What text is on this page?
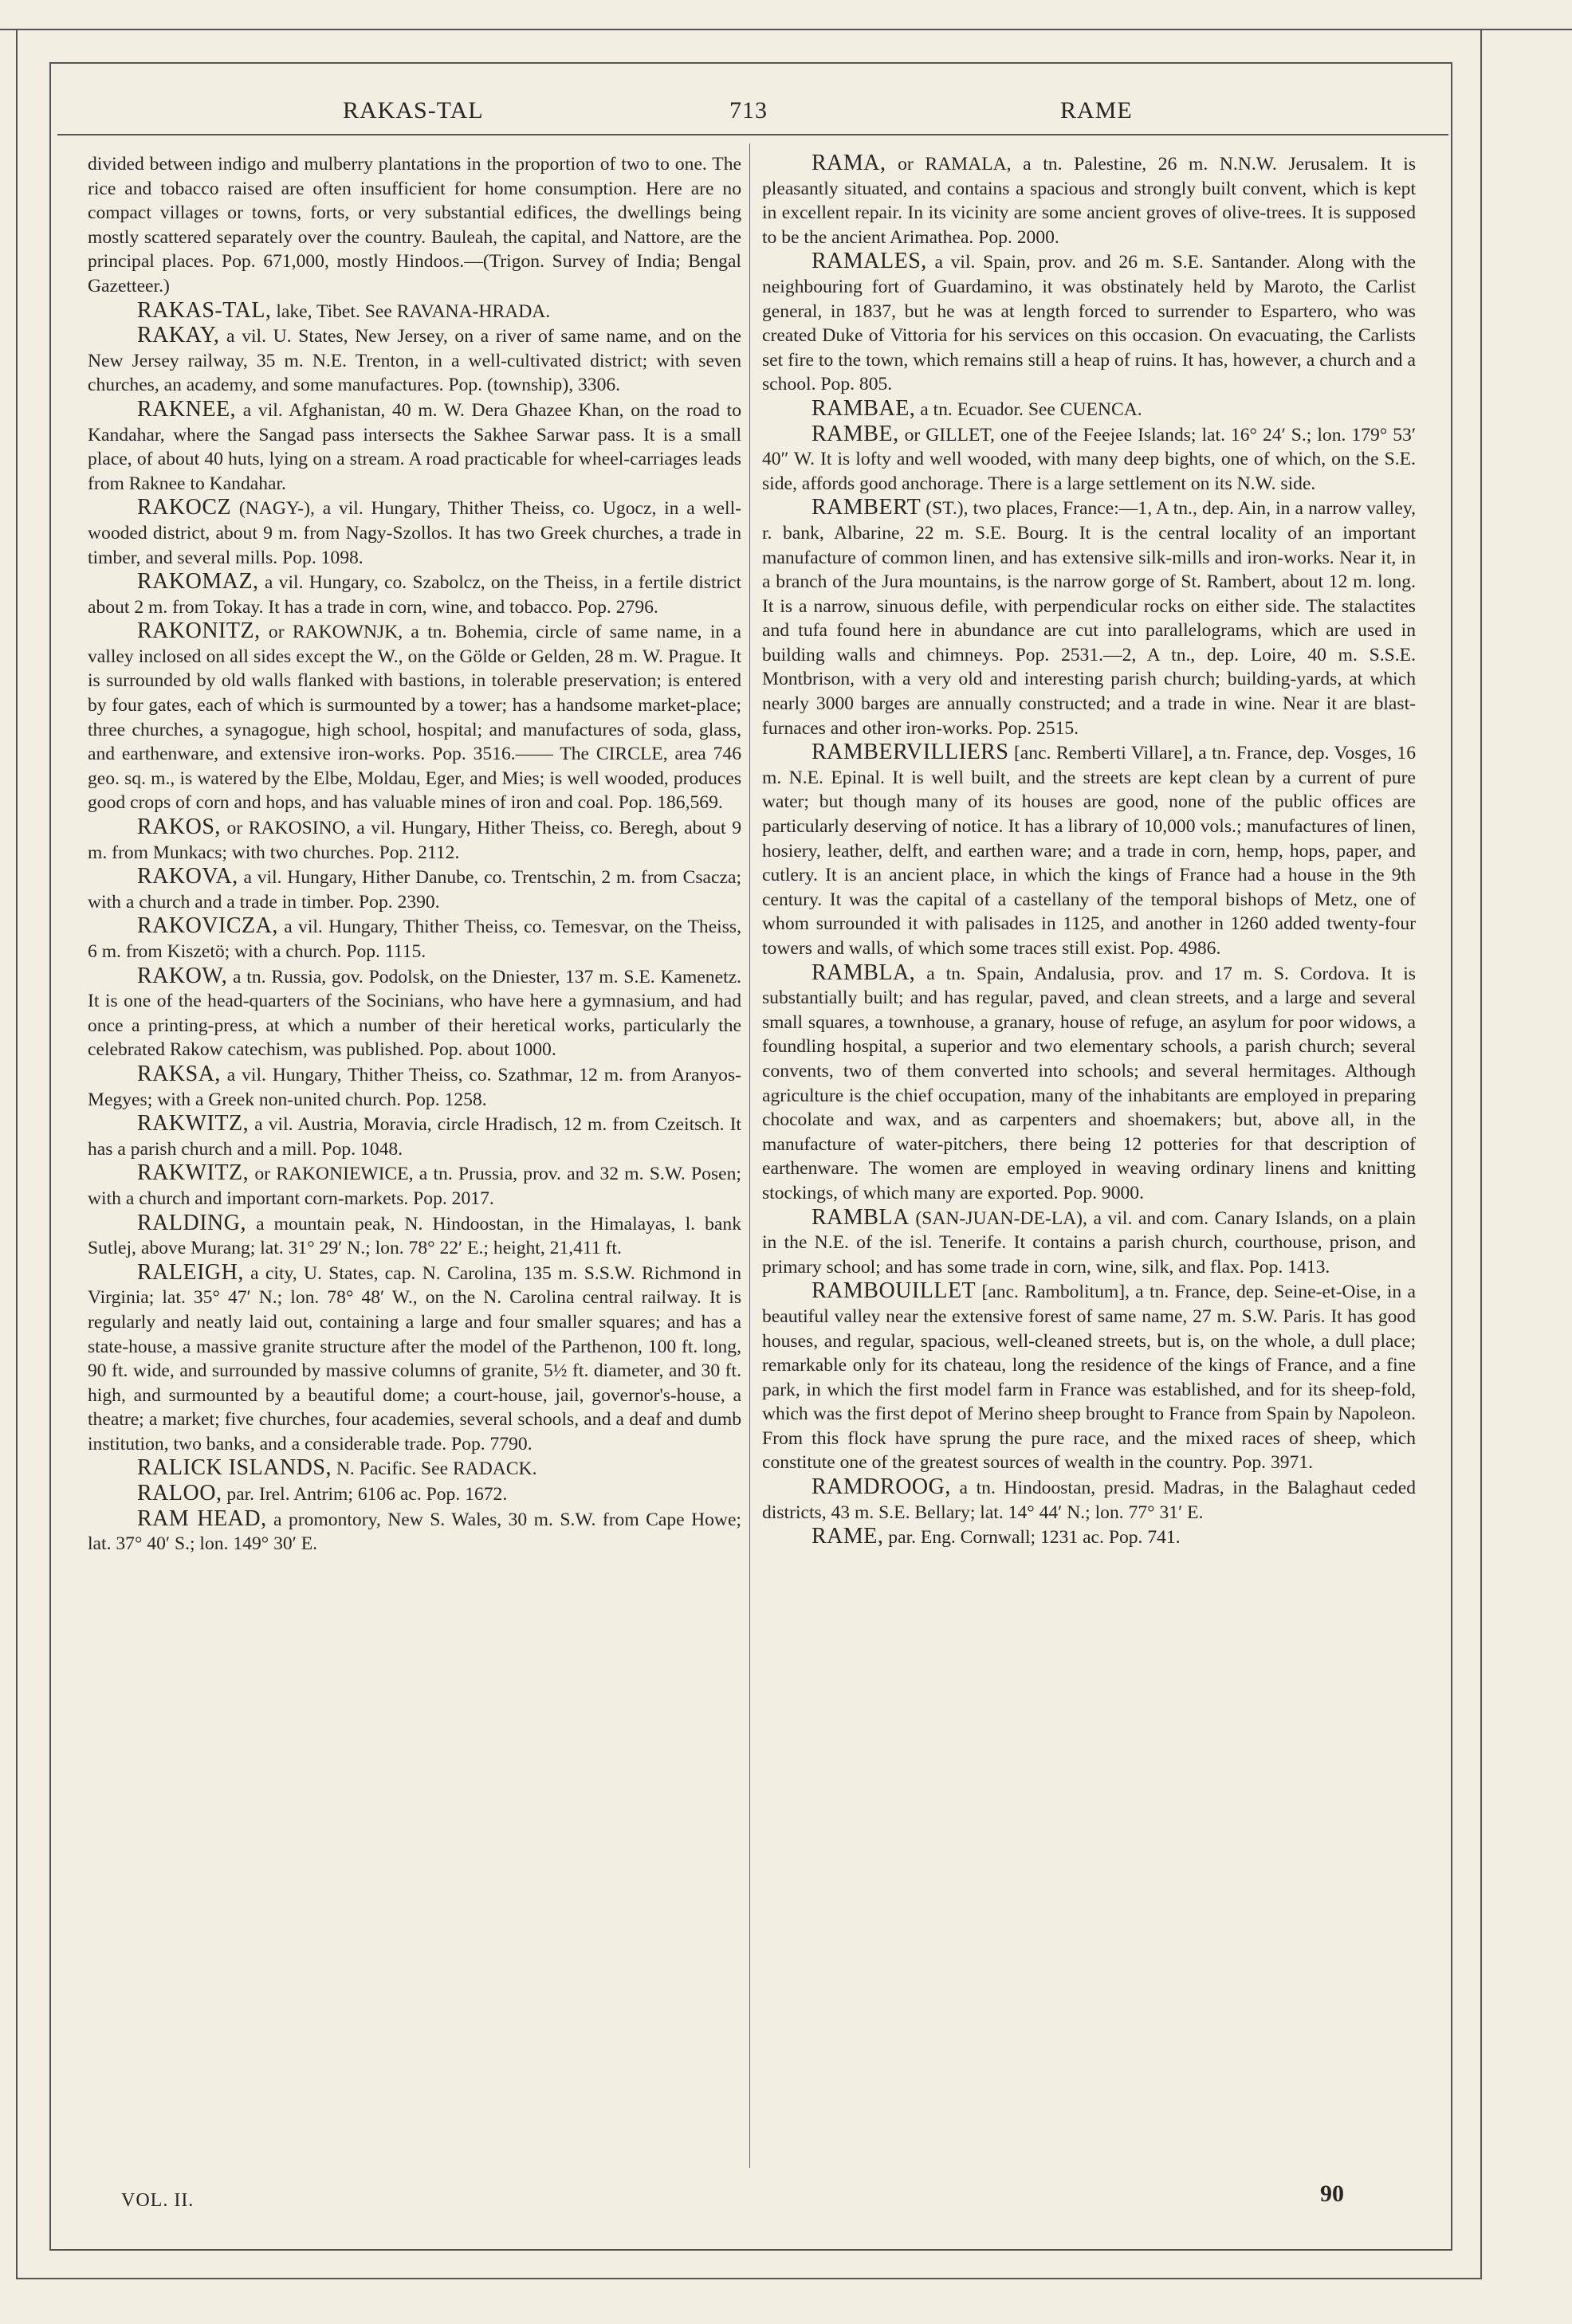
RAKAS-TAL	713	RAME

divided between indigo and mulberry plantations in the proportion of two to one. The rice and tobacco raised are often insufficient for home consumption. Here are no compact villages or towns, forts, or very substantial edifices, the dwellings being mostly scattered separately over the country. Bauleah, the capital, and Nattore, are the principal places. Pop. 671,000, mostly Hindoos.—(Trigon. Survey of India; Bengal Gazetteer.)

RAKAS-TAL, lake, Tibet. See RAVANA-HRADA.

RAKAY, a vil. U. States, New Jersey, on a river of same name, and on the New Jersey railway, 35 m. N.E. Trenton, in a well-cultivated district; with seven churches, an academy, and some manufactures. Pop. (township), 3306.

RAKNEE, a vil. Afghanistan, 40 m. W. Dera Ghazee Khan, on the road to Kandahar, where the Sangad pass intersects the Sakhee Sarwar pass. It is a small place, of about 40 huts, lying on a stream. A road practicable for wheel-carriages leads from Raknee to Kandahar.

RAKOCZ (NAGY-), a vil. Hungary, Thither Theiss, co. Ugocz, in a well-wooded district, about 9 m. from Nagy-Szollos. It has two Greek churches, a trade in timber, and several mills. Pop. 1098.

RAKOMAZ, a vil. Hungary, co. Szabolcz, on the Theiss, in a fertile district about 2 m. from Tokay. It has a trade in corn, wine, and tobacco. Pop. 2796.

RAKONITZ, or RAKOWNJK, a tn. Bohemia, circle of same name, in a valley inclosed on all sides except the W., on the Gölde or Gelden, 28 m. W. Prague. It is surrounded by old walls flanked with bastions, in tolerable preservation; is entered by four gates, each of which is surmounted by a tower; has a handsome market-place; three churches, a synagogue, high school, hospital; and manufactures of soda, glass, and earthenware, and extensive iron-works. Pop. 3516.—— The CIRCLE, area 746 geo. sq. m., is watered by the Elbe, Moldau, Eger, and Mies; is well wooded, produces good crops of corn and hops, and has valuable mines of iron and coal. Pop. 186,569.

RAKOS, or RAKOSINO, a vil. Hungary, Hither Theiss, co. Beregh, about 9 m. from Munkacs; with two churches. Pop. 2112.

RAKOVA, a vil. Hungary, Hither Danube, co. Trentschin, 2 m. from Csacza; with a church and a trade in timber. Pop. 2390.

RAKOVICZA, a vil. Hungary, Thither Theiss, co. Temesvar, on the Theiss, 6 m. from Kiszetö; with a church. Pop. 1115.

RAKOW, a tn. Russia, gov. Podolsk, on the Dniester, 137 m. S.E. Kamenetz. It is one of the head-quarters of the Socinians, who have here a gymnasium, and had once a printing-press, at which a number of their heretical works, particularly the celebrated Rakow catechism, was published. Pop. about 1000.

RAKSA, a vil. Hungary, Thither Theiss, co. Szathmar, 12 m. from Aranyos-Megyes; with a Greek non-united church. Pop. 1258.

RAKWITZ, a vil. Austria, Moravia, circle Hradisch, 12 m. from Czeitsch. It has a parish church and a mill. Pop. 1048.

RAKWITZ, or RAKONIEWICE, a tn. Prussia, prov. and 32 m. S.W. Posen; with a church and important corn-markets. Pop. 2017.

RALDING, a mountain peak, N. Hindoostan, in the Himalayas, l. bank Sutlej, above Murang; lat. 31° 29′ N.; lon. 78° 22′ E.; height, 21,411 ft.

RALEIGH, a city, U. States, cap. N. Carolina, 135 m. S.S.W. Richmond in Virginia; lat. 35° 47′ N.; lon. 78° 48′ W., on the N. Carolina central railway. It is regularly and neatly laid out, containing a large and four smaller squares; and has a state-house, a massive granite structure after the model of the Parthenon, 100 ft. long, 90 ft. wide, and surrounded by massive columns of granite, 5½ ft. diameter, and 30 ft. high, and surmounted by a beautiful dome; a court-house, jail, governor's-house, a theatre; a market; five churches, four academies, several schools, and a deaf and dumb institution, two banks, and a considerable trade. Pop. 7790.

RALICK ISLANDS, N. Pacific. See RADACK.

RALOO, par. Irel. Antrim; 6106 ac. Pop. 1672.

RAM HEAD, a promontory, New S. Wales, 30 m. S.W. from Cape Howe; lat. 37° 40′ S.; lon. 149° 30′ E.

RAMA, or RAMALA, a tn. Palestine, 26 m. N.N.W. Jerusalem. It is pleasantly situated, and contains a spacious and strongly built convent, which is kept in excellent repair. In its vicinity are some ancient groves of olive-trees. It is supposed to be the ancient Arimathea. Pop. 2000.

RAMALES, a vil. Spain, prov. and 26 m. S.E. Santander. Along with the neighbouring fort of Guardamino, it was obstinately held by Maroto, the Carlist general, in 1837, but he was at length forced to surrender to Espartero, who was created Duke of Vittoria for his services on this occasion. On evacuating, the Carlists set fire to the town, which remains still a heap of ruins. It has, however, a church and a school. Pop. 805.

RAMBAE, a tn. Ecuador. See CUENCA.

RAMBE, or GILLET, one of the Feejee Islands; lat. 16° 24′ S.; lon. 179° 53′ 40″ W. It is lofty and well wooded, with many deep bights, one of which, on the S.E. side, affords good anchorage. There is a large settlement on its N.W. side.

RAMBERT (ST.), two places, France:—1, A tn., dep. Ain, in a narrow valley, r. bank, Albarine, 22 m. S.E. Bourg. It is the central locality of an important manufacture of common linen, and has extensive silk-mills and iron-works. Near it, in a branch of the Jura mountains, is the narrow gorge of St. Rambert, about 12 m. long. It is a narrow, sinuous defile, with perpendicular rocks on either side. The stalactites and tufa found here in abundance are cut into parallelograms, which are used in building walls and chimneys. Pop. 2531.—2, A tn., dep. Loire, 40 m. S.S.E. Montbrison, with a very old and interesting parish church; building-yards, at which nearly 3000 barges are annually constructed; and a trade in wine. Near it are blast-furnaces and other iron-works. Pop. 2515.

RAMBERVILLIERS [anc. Remberti Villare], a tn. France, dep. Vosges, 16 m. N.E. Epinal. It is well built, and the streets are kept clean by a current of pure water; but though many of its houses are good, none of the public offices are particularly deserving of notice. It has a library of 10,000 vols.; manufactures of linen, hosiery, leather, delft, and earthen ware; and a trade in corn, hemp, hops, paper, and cutlery. It is an ancient place, in which the kings of France had a house in the 9th century. It was the capital of a castellany of the temporal bishops of Metz, one of whom surrounded it with palisades in 1125, and another in 1260 added twenty-four towers and walls, of which some traces still exist. Pop. 4986.

RAMBLA, a tn. Spain, Andalusia, prov. and 17 m. S. Cordova. It is substantially built; and has regular, paved, and clean streets, and a large and several small squares, a townhouse, a granary, house of refuge, an asylum for poor widows, a foundling hospital, a superior and two elementary schools, a parish church; several convents, two of them converted into schools; and several hermitages. Although agriculture is the chief occupation, many of the inhabitants are employed in preparing chocolate and wax, and as carpenters and shoemakers; but, above all, in the manufacture of water-pitchers, there being 12 potteries for that description of earthenware. The women are employed in weaving ordinary linens and knitting stockings, of which many are exported. Pop. 9000.

RAMBLA (SAN-JUAN-DE-LA), a vil. and com. Canary Islands, on a plain in the N.E. of the isl. Tenerife. It contains a parish church, courthouse, prison, and primary school; and has some trade in corn, wine, silk, and flax. Pop. 1413.

RAMBOUILLET [anc. Rambolitum], a tn. France, dep. Seine-et-Oise, in a beautiful valley near the extensive forest of same name, 27 m. S.W. Paris. It has good houses, and regular, spacious, well-cleaned streets, but is, on the whole, a dull place; remarkable only for its chateau, long the residence of the kings of France, and a fine park, in which the first model farm in France was established, and for its sheep-fold, which was the first depot of Merino sheep brought to France from Spain by Napoleon. From this flock have sprung the pure race, and the mixed races of sheep, which constitute one of the greatest sources of wealth in the country. Pop. 3971.

RAMDROOG, a tn. Hindoostan, presid. Madras, in the Balaghaut ceded districts, 43 m. S.E. Bellary; lat. 14° 44′ N.; lon. 77° 31′ E.

RAME, par. Eng. Cornwall; 1231 ac. Pop. 741.

VOL. II.	90
